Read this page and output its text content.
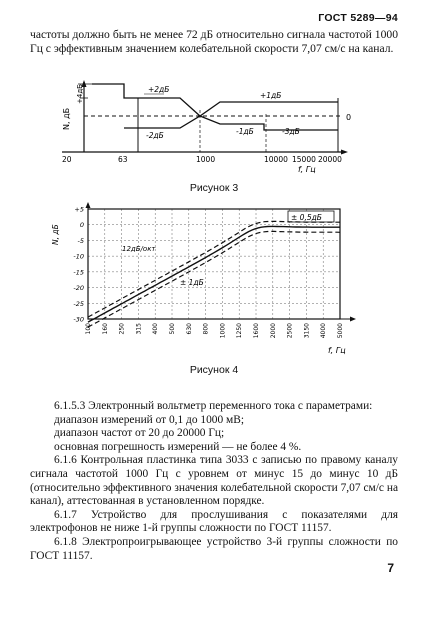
ГОСТ 5289—94

частоты должно быть не менее 72 дБ относительно сигнала частотой 1000 Гц с эффективным значением колебательной скорости 7,07 см/с на канал.

N, дБ
+4дБ
0
+2дБ
-2дБ
+1дБ
-1дБ	-3дБ
20	63	1000	10000 15000 20000
f, Гц
Рисунок 3
± 0,5дБ
12дБ/окт
± 1дБ
N, дБ
+5
0
-5
-10
-15
-20
-25
-30
100 160 250 315 400 500 630 800 1000 1250 1600 2000 2500 3150 4000 5000
f, Гц
Рисунок 4

6.1.5.3 Электронный вольтметр переменного тока с параметрами:

диапазон измерений от 0,1 до 1000 мВ;

диапазон частот от 20 до 20000 Гц;

основная погрешность измерений — не более 4 %.

6.1.6 Контрольная пластинка типа 3033 с записью по правому каналу сигнала частотой 1000 Гц с уровнем от минус 15 до минус 10 дБ (относительно эффективного значения колебательной скорости 7,07 см/с на канал), аттестованная в установленном порядке.

6.1.7 Устройство для прослушивания с показателями для электрофонов не ниже 1-й группы сложности по ГОСТ 11157.

6.1.8 Электропроигрывающее устройство 3-й группы сложности по ГОСТ 11157.

7
